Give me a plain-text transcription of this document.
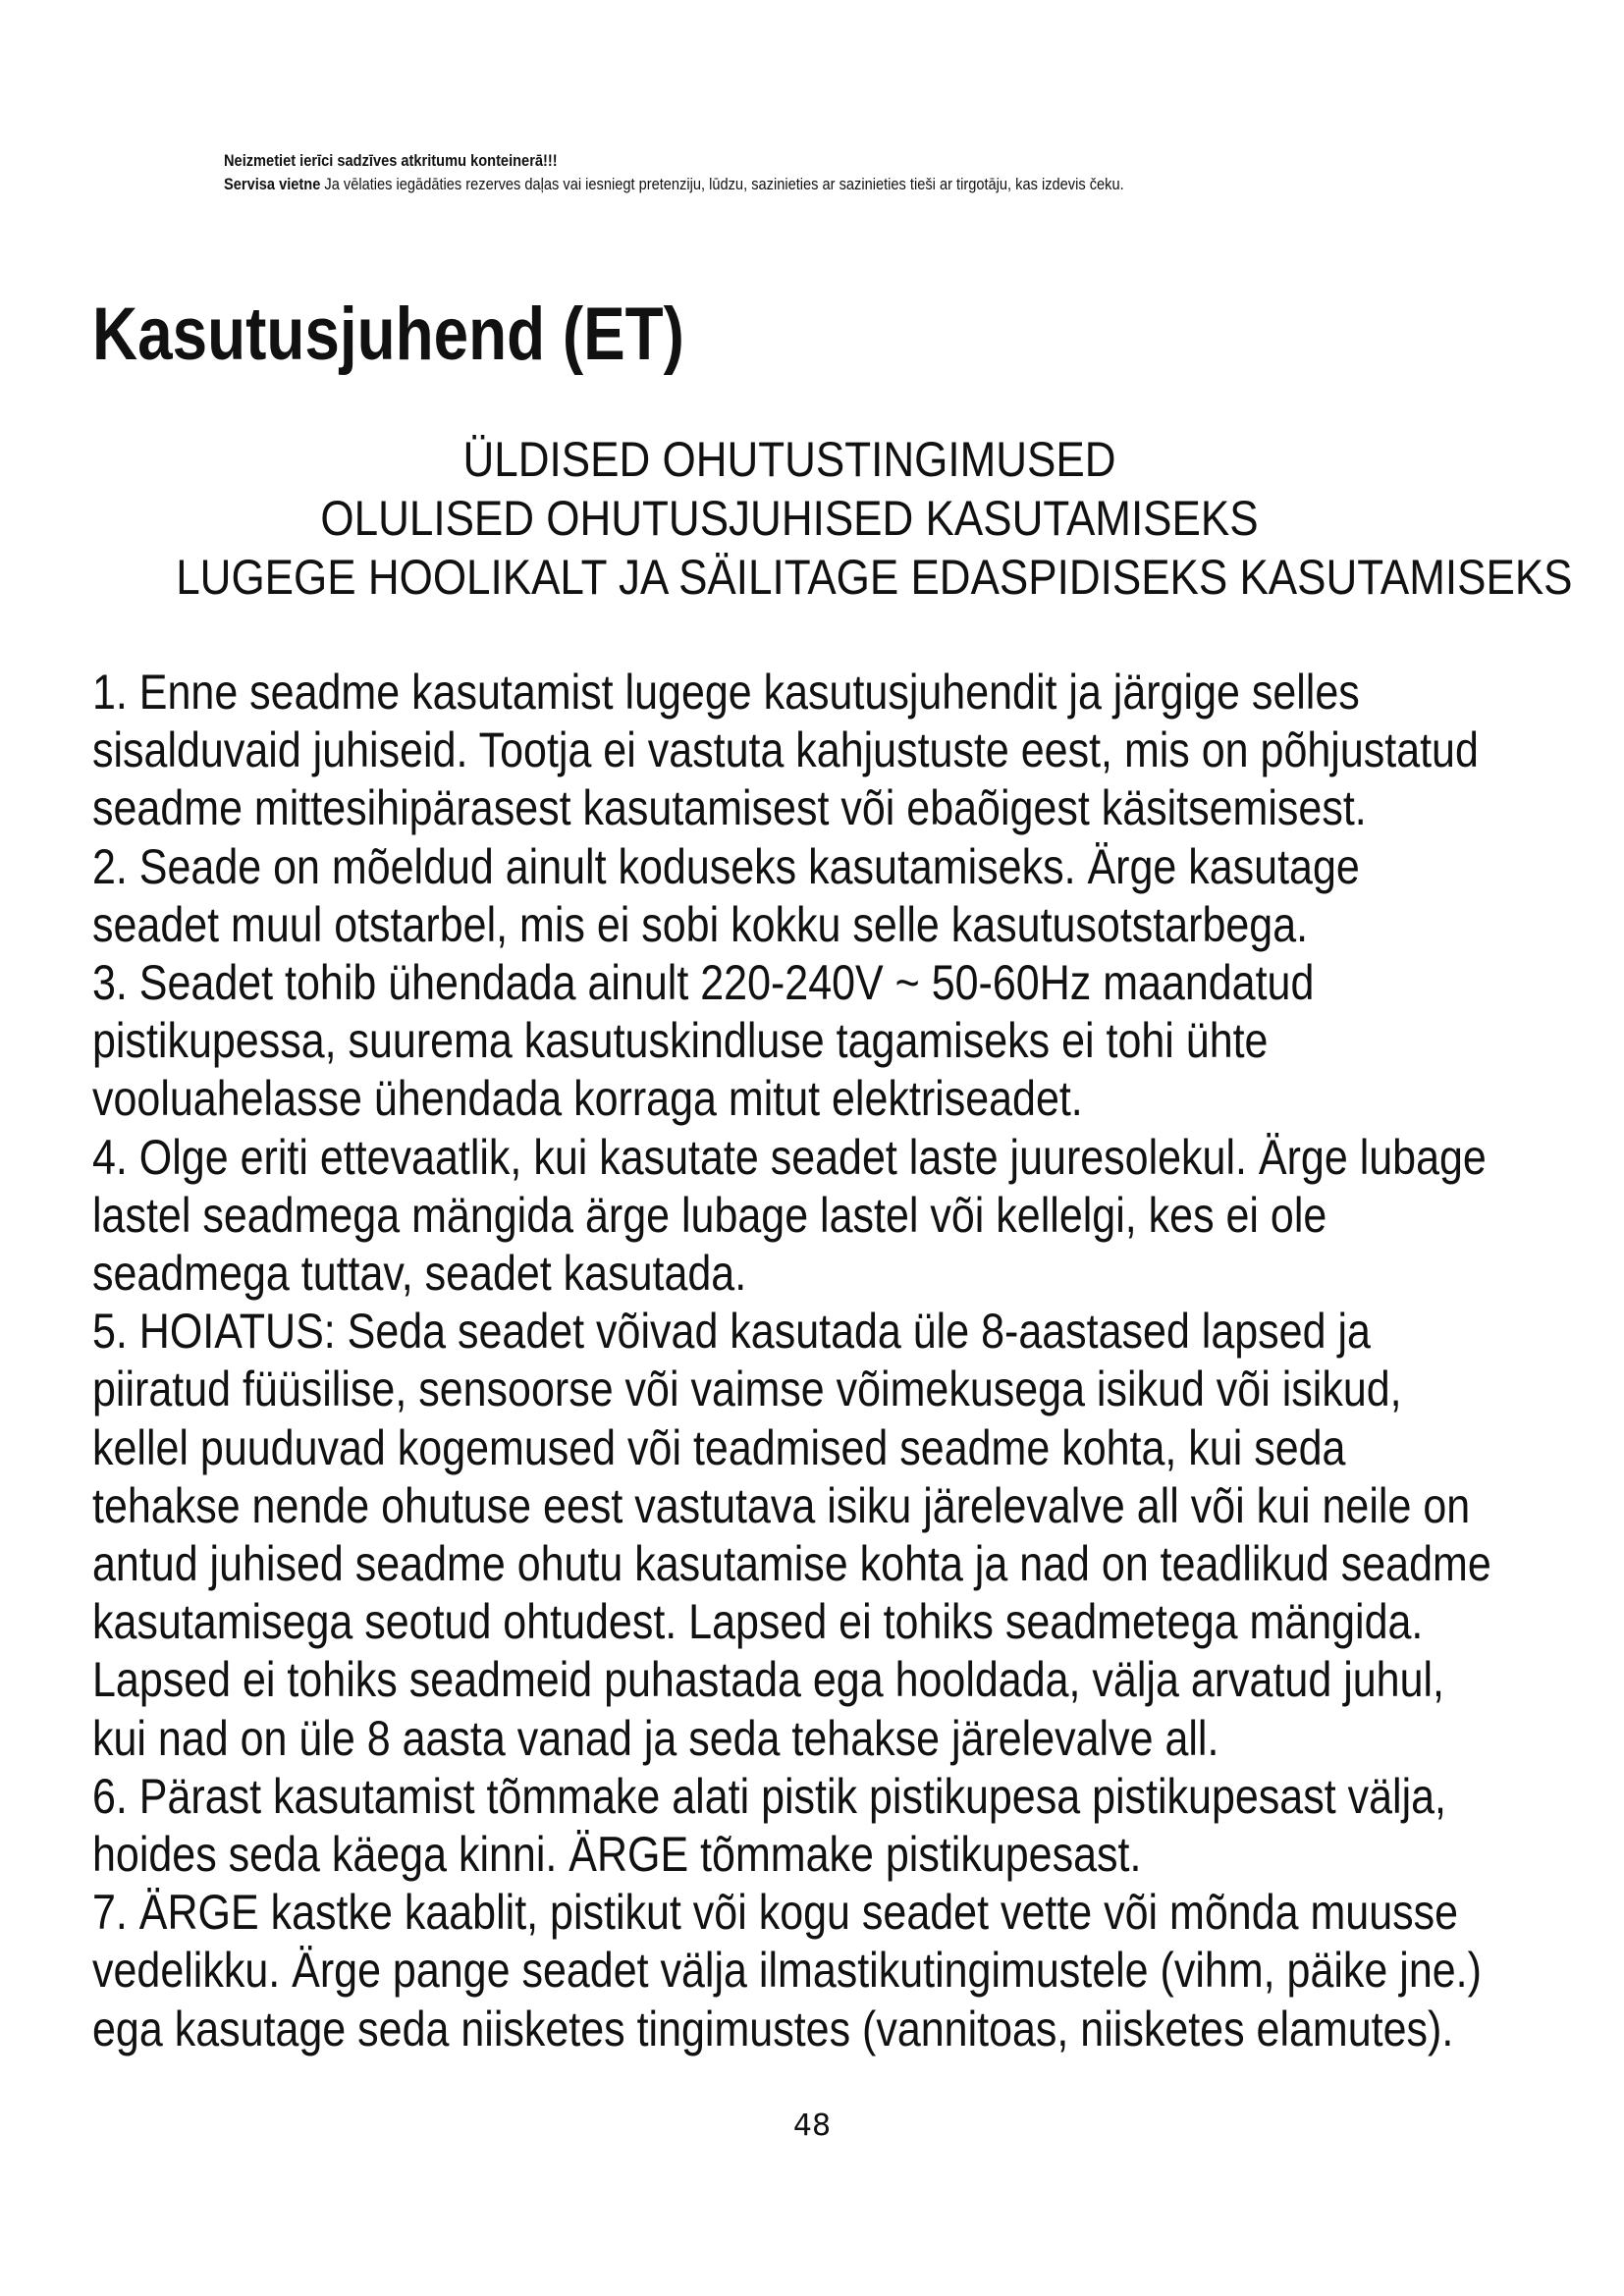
Neizmetiet ierīci sadzīves atkritumu konteinerā!!!
Servisa vietne Ja vēlaties iegādāties rezerves daļas vai iesniegt pretenziju, lūdzu, sazinieties ar sazinieties tieši ar tirgotāju, kas izdevis čeku.
Kasutusjuhend (ET)
ÜLDISED OHUTUSTINGIMUSED
OLULISED OHUTUSJUHISED KASUTAMISEKS
LUGEGE HOOLIKALT JA SÄILITAGE EDASPIDISEKS KASUTAMISEKS
1. Enne seadme kasutamist lugege kasutusjuhendit ja järgige selles
sisalduvaid juhiseid. Tootja ei vastuta kahjustuste eest, mis on põhjustatud
seadme mittesihipärasest kasutamisest või ebaõigest käsitsemisest.
2. Seade on mõeldud ainult koduseks kasutamiseks. Ärge kasutage
seadet muul otstarbel, mis ei sobi kokku selle kasutusotstarbega.
3. Seadet tohib ühendada ainult 220-240V ~ 50-60Hz maandatud
pistikupessa, suurema kasutuskindluse tagamiseks ei tohi ühte
vooluahelasse ühendada korraga mitut elektriseadet.
4. Olge eriti ettevaatlik, kui kasutate seadet laste juuresolekul. Ärge lubage
lastel seadmega mängida ärge lubage lastel või kellelgi, kes ei ole
seadmega tuttav, seadet kasutada.
5. HOIATUS: Seda seadet võivad kasutada üle 8-aastased lapsed ja
piiratud füüsilise, sensoorse või vaimse võimekusega isikud või isikud,
kellel puuduvad kogemused või teadmised seadme kohta, kui seda
tehakse nende ohutuse eest vastutava isiku järelevalve all või kui neile on
antud juhised seadme ohutu kasutamise kohta ja nad on teadlikud seadme
kasutamisega seotud ohtudest. Lapsed ei tohiks seadmetega mängida.
Lapsed ei tohiks seadmeid puhastada ega hooldada, välja arvatud juhul,
kui nad on üle 8 aasta vanad ja seda tehakse järelevalve all.
6. Pärast kasutamist tõmmake alati pistik pistikupesa pistikupesast välja,
hoides seda käega kinni. ÄRGE tõmmake pistikupesast.
7. ÄRGE kastke kaablit, pistikut või kogu seadet vette või mõnda muusse
vedelikku. Ärge pange seadet välja ilmastikutingimustele (vihm, päike jne.)
ega kasutage seda niisketes tingimustes (vannitoas, niisketes elamutes).
48
